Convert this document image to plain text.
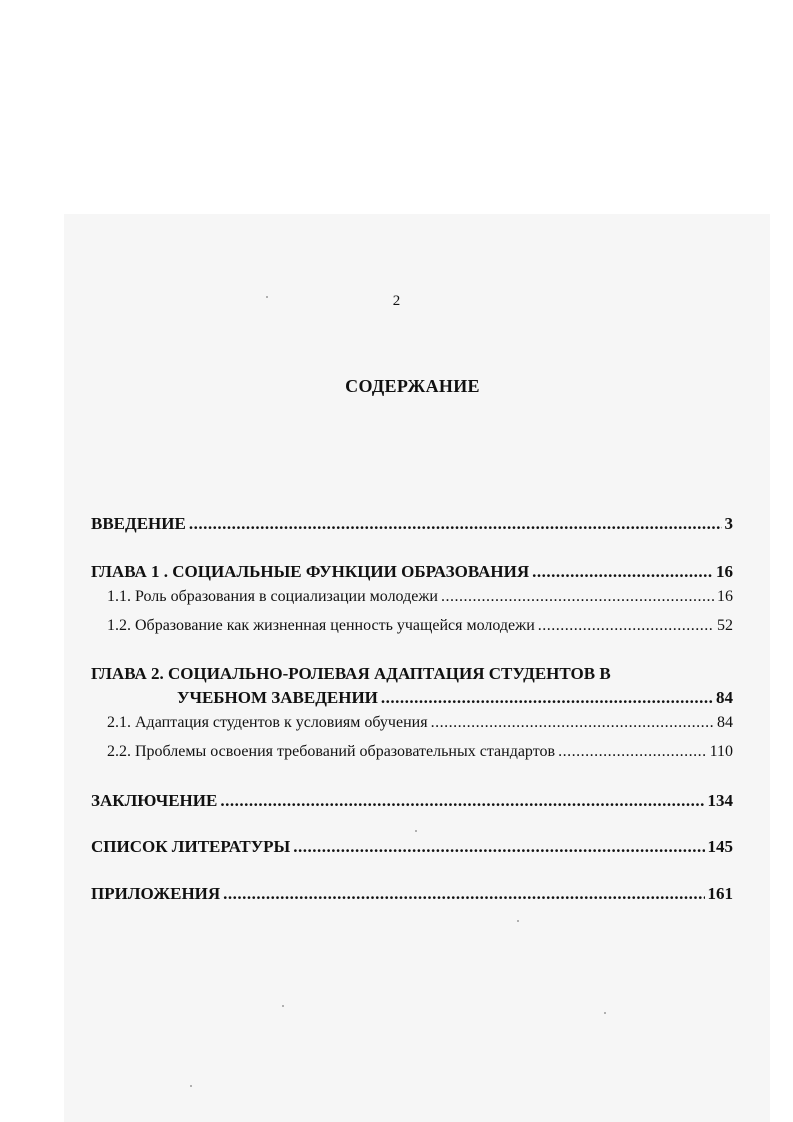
2
СОДЕРЖАНИЕ
ВВЕДЕНИЕ .....	3
ГЛАВА 1 . СОЦИАЛЬНЫЕ ФУНКЦИИ ОБРАЗОВАНИЯ .....	16
1.1. Роль образования в социализации молодежи .....	16
1.2. Образование как жизненная ценность учащейся молодежи .....	52
ГЛАВА 2. СОЦИАЛЬНО-РОЛЕВАЯ АДАПТАЦИЯ СТУДЕНТОВ В
УЧЕБНОМ ЗАВЕДЕНИИ .....	84
2.1. Адаптация студентов к условиям обучения .....	84
2.2. Проблемы освоения требований образовательных стандартов .....	110
ЗАКЛЮЧЕНИЕ .....	134
СПИСОК ЛИТЕРАТУРЫ .....	145
ПРИЛОЖЕНИЯ .....	161
